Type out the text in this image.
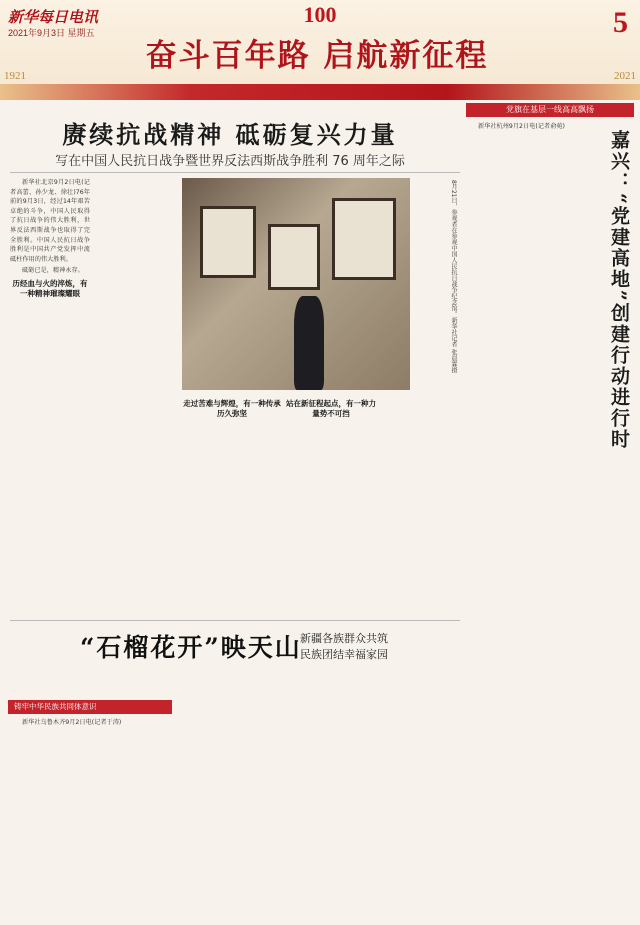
新华每日电讯
2021年9月3日 星期五
100
奋斗百年路 启航新征程
5
1921	2021
赓续抗战精神 砥砺复兴力量
写在中国人民抗日战争暨世界反法西斯战争胜利 76 周年之际

新华社北京9月2日电(记者高蕾、孙少龙、徐壮)76年前的9月3日，经过14年艰苦卓绝的斗争，中国人民取得了抗日战争的伟大胜利，世界反法西斯战争也取得了完全胜利。中国人民抗日战争胜利是中国共产党发挥中流砥柱作用的伟大胜利。

砥砺已是，精神永存。

历经血与火的淬炼，有一种精神璀璨耀眼	8月21日，参观者在参观中国人民抗日战争纪念馆。新华社记者 张晨霖摄

走过苦难与辉煌，有一种传承历久弥坚

站在新征程起点，有一种力量势不可挡

党旗在基层一线高高飘扬

新华社杭州9月2日电(记者俞菀)

嘉兴：“党建高地”创建行动进行时
“石榴花开”映天山
新疆各族群众共筑
民族团结幸福家园
铸牢中华民族共同体意识

新华社乌鲁木齐9月2日电(记者于涛)
